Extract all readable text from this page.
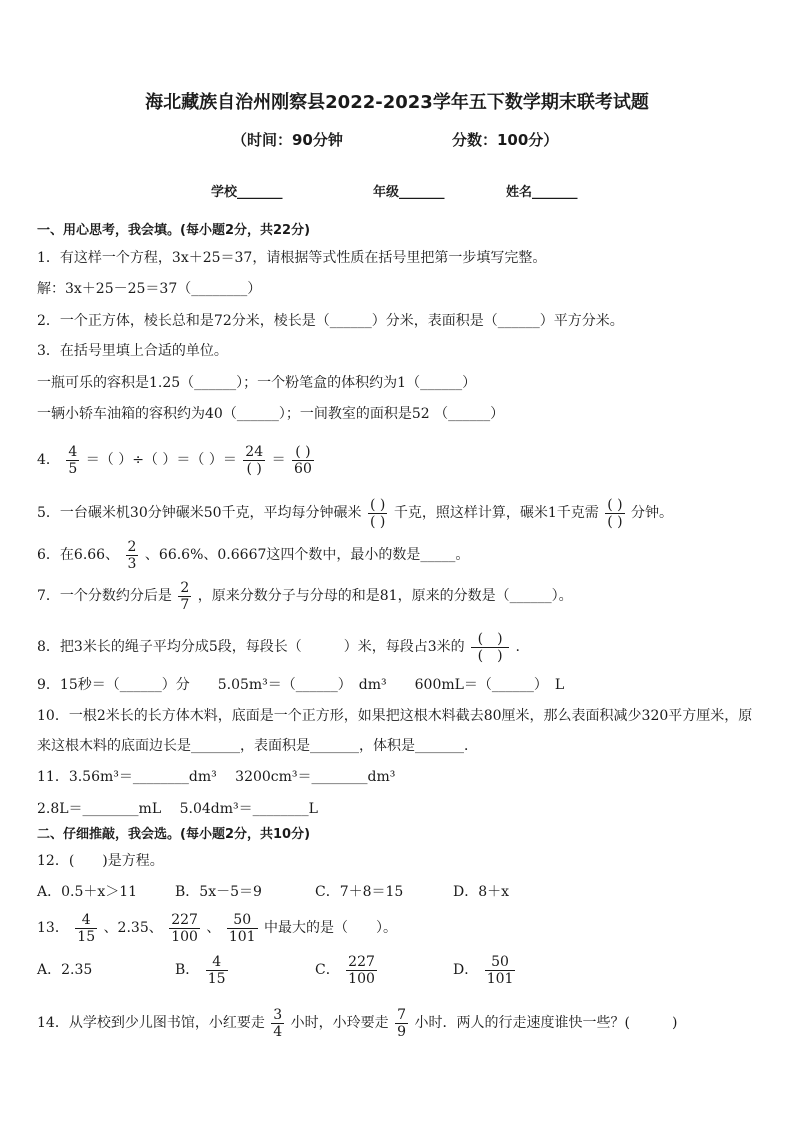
海北藏族自治州刚察县2022-2023学年五下数学期末联考试题
（时间：90分钟	分数：100分）
学校_______	年级_______	姓名_______
一、用心思考，我会填。(每小题2分，共22分)
1．有这样一个方程，3x＋25＝37，请根据等式性质在括号里把第一步填写完整。
解：3x＋25－25＝37（________）
2．一个正方体，棱长总和是72分米，棱长是（______）分米，表面积是（______）平方分米。
3．在括号里填上合适的单位。
一瓶可乐的容积是1.25（______）；一个粉笔盒的体积约为1（______）
一辆小轿车油箱的容积约为40（______）；一间教室的面积是52 （______）
4． $\frac{4}{5}$ ＝（ ）÷（ ）＝（ ）＝ $\frac{24}{( )} = \frac{( )}{60}$
5．一台碾米机30分钟碾米50千克，平均每分钟碾米 $\frac{( )}{( )}$ 千克，照这样计算，碾米1千克需 $\frac{( )}{( )}$ 分钟。
6．在6.66、 $\frac{2}{3}$ 、66.6%、0.6667这四个数中，最小的数是_____。
7．一个分数约分后是 $\frac{2}{7}$ ，原来分数分子与分母的和是81，原来的分数是（______）。
8．把3米长的绳子平均分成5段，每段长（　　　）米，每段占3米的 $\frac{( )}{( )}$ .
9．15秒＝（______）分　　5.05m³＝（______）　dm³　　600mL＝（______）　L
10．一根2米长的长方体木料，底面是一个正方形，如果把这根木料截去80厘米，那么表面积减少320平方厘米，原
来这根木料的底面边长是_______，表面积是_______，体积是_______．
11．3.56m³＝________dm³　 3200cm³＝________dm³
2.8L＝________mL　 5.04dm³＝________L
二、仔细推敲，我会选。(每小题2分，共10分)
12．(　　)是方程。
A．0.5＋x＞11	B．5x－5＝9	C．7＋8＝15	D．8＋x
13． $\frac{4}{15}$ 、2.35、 $\frac{227}{100}$ 、 $\frac{50}{101}$ 中最大的是（　　）。
A．2.35	B． $\frac{4}{15}$	C． $\frac{227}{100}$	D． $\frac{50}{101}$
14．从学校到少儿图书馆，小红要走 $\frac{3}{4}$ 小时，小玲要走 $\frac{7}{9}$ 小时．两人的行走速度谁快一些？(　　　)
